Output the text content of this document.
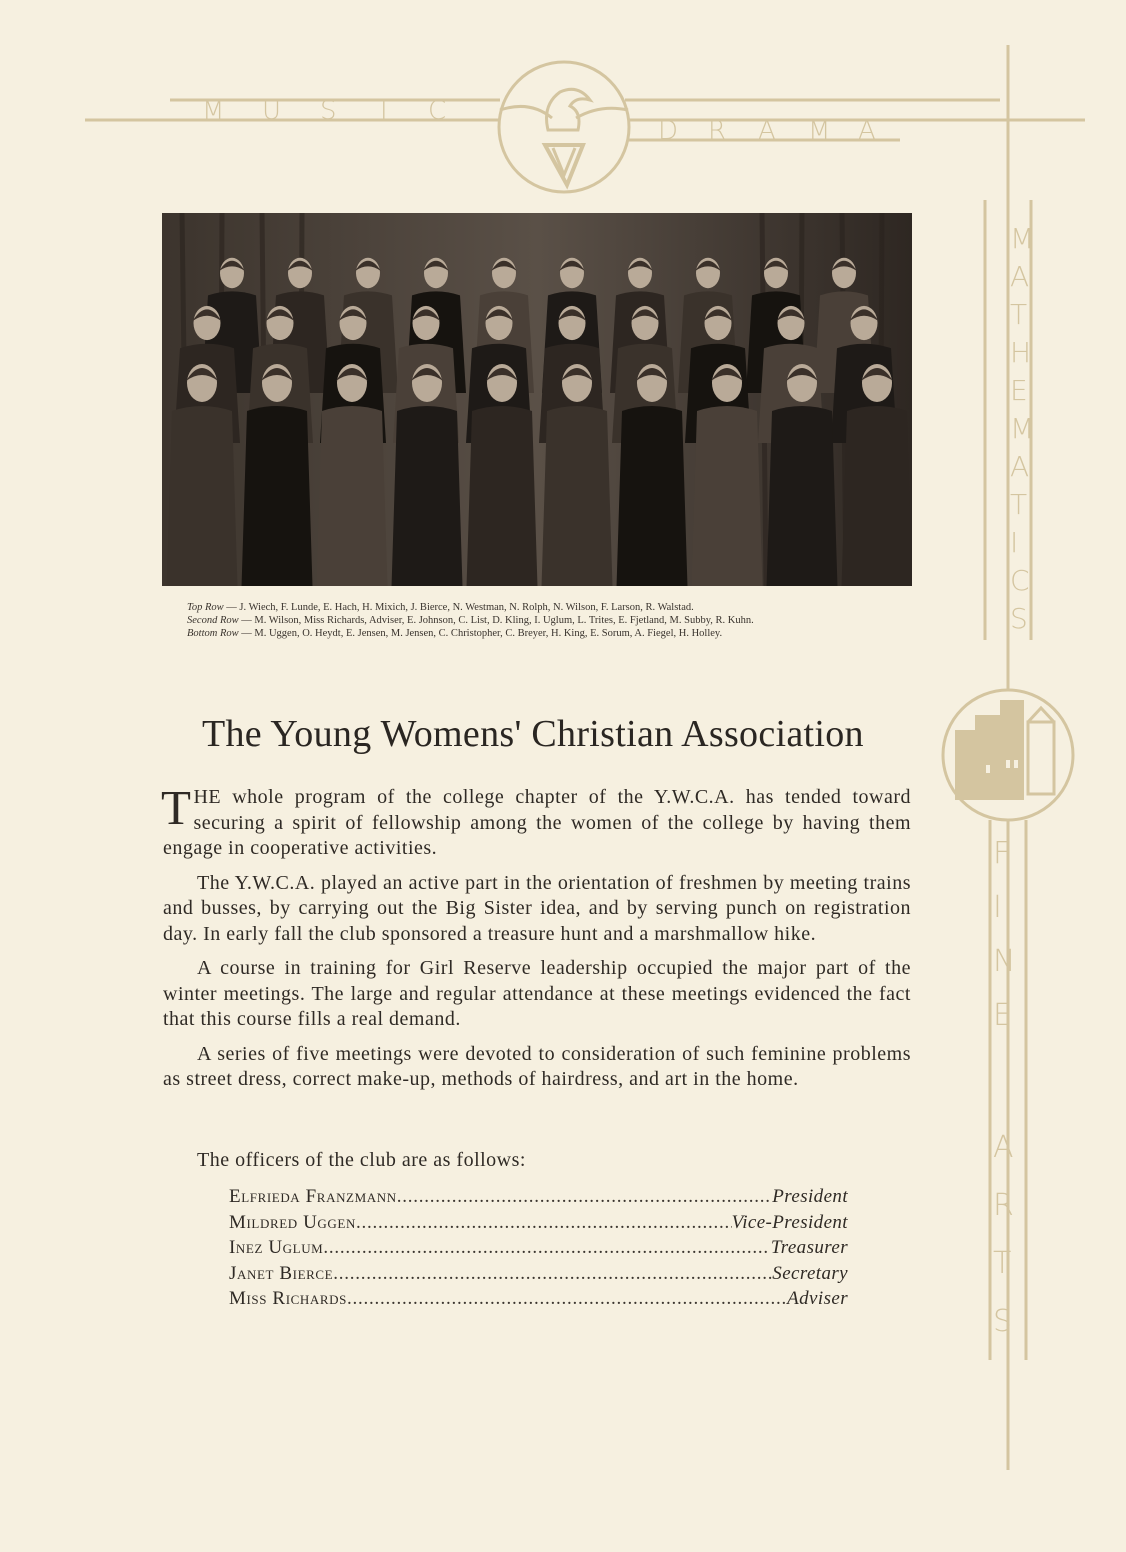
M U S I C
D R A M A
M
A
T
H
E
M
A
T
I
C
S
F
I
N
E
A
R
T
S
Top Row — J. Wiech, F. Lunde, E. Hach, H. Mixich, J. Bierce, N. Westman, N. Rolph, N. Wilson, F. Larson, R. Walstad.
Second Row — M. Wilson, Miss Richards, Adviser, E. Johnson, C. List, D. Kling, I. Uglum, L. Trites, E. Fjetland, M. Subby, R. Kuhn.
Bottom Row — M. Uggen, O. Heydt, E. Jensen, M. Jensen, C. Christopher, C. Breyer, H. King, E. Sorum, A. Fiegel, H. Holley.
The Young Womens' Christian Association

THE whole program of the college chapter of the Y.W.C.A. has tended toward securing a spirit of fellowship among the women of the college by having them engage in cooperative activities.

The Y.W.C.A. played an active part in the orientation of freshmen by meeting trains and busses, by carrying out the Big Sister idea, and by serving punch on registration day. In early fall the club sponsored a treasure hunt and a marshmallow hike.

A course in training for Girl Reserve leadership occupied the major part of the winter meetings. The large and regular attendance at these meetings evidenced the fact that this course fills a real demand.

A series of five meetings were devoted to consideration of such feminine problems as street dress, correct make-up, methods of hairdress, and art in the home.

The officers of the club are as follows:
Elfrieda Franzmann . . .	President
Mildred Uggen . . .	Vice-President
Inez Uglum . . .	Treasurer
Janet Bierce . . .	Secretary
Miss Richards . . .	Adviser
